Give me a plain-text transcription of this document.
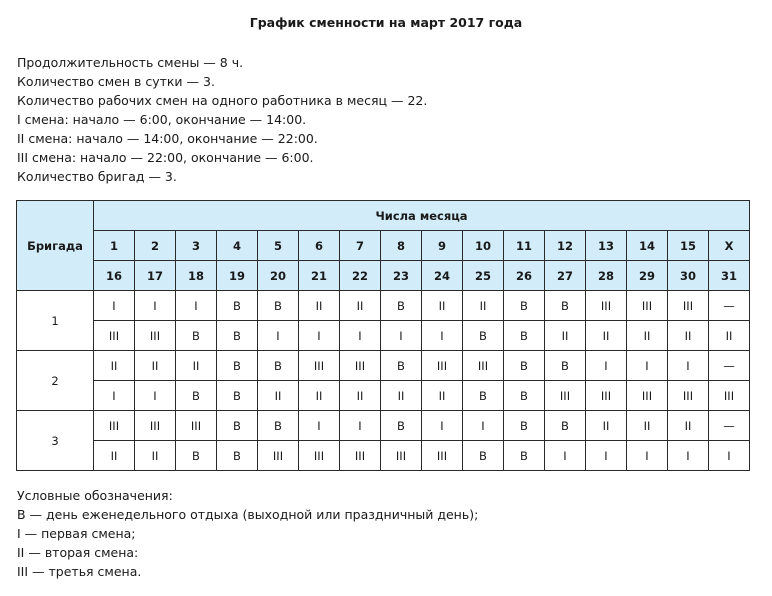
График сменности на март 2017 года
Продолжительность смены — 8 ч.
Количество смен в сутки — 3.
Количество рабочих смен на одного работника в месяц — 22.
I смена: начало — 6:00, окончание — 14:00.
II смена: начало — 14:00, окончание — 22:00.
III смена: начало — 22:00, окончание — 6:00.
Количество бригад — 3.
Бригада	Числа месяца															
	1	2	3	4	5	6	7	8	9	10	11	12	13	14	15	X
	16	17	18	19	20	21	22	23	24	25	26	27	28	29	30	31
1	I	I	I	В	В	II	II	В	II	II	В	В	III	III	III	—
	III	III	В	В	I	I	I	I	I	В	В	II	II	II	II	II
2	II	II	II	В	В	III	III	В	III	III	В	В	I	I	I	—
	I	I	В	В	II	II	II	II	II	В	В	III	III	III	III	III
3	III	III	III	В	В	I	I	В	I	I	В	В	II	II	II	—
	II	II	В	В	III	III	III	III	III	В	В	I	I	I	I	I
Условные обозначения:
В — день еженедельного отдыха (выходной или праздничный день);
I — первая смена;
II — вторая смена:
III — третья смена.
